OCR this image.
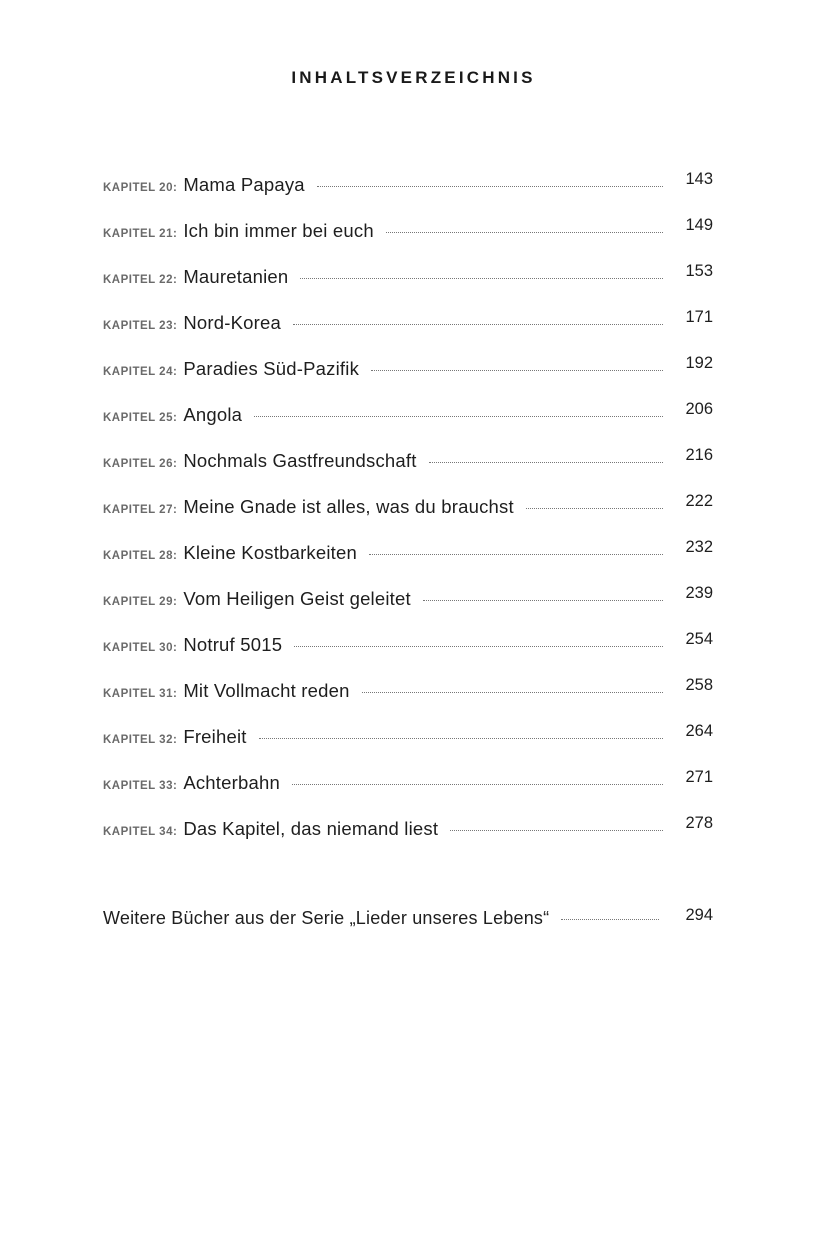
INHALTSVERZEICHNIS
KAPITEL 20: Mama Papaya	143
KAPITEL 21: Ich bin immer bei euch	149
KAPITEL 22: Mauretanien	153
KAPITEL 23: Nord-Korea	171
KAPITEL 24: Paradies Süd-Pazifik	192
KAPITEL 25: Angola	206
KAPITEL 26: Nochmals Gastfreundschaft	216
KAPITEL 27: Meine Gnade ist alles, was du brauchst	222
KAPITEL 28: Kleine Kostbarkeiten	232
KAPITEL 29: Vom Heiligen Geist geleitet	239
KAPITEL 30: Notruf 5015	254
KAPITEL 31: Mit Vollmacht reden	258
KAPITEL 32: Freiheit	264
KAPITEL 33: Achterbahn	271
KAPITEL 34: Das Kapitel, das niemand liest	278
Weitere Bücher aus der Serie „Lieder unseres Lebens“	294
